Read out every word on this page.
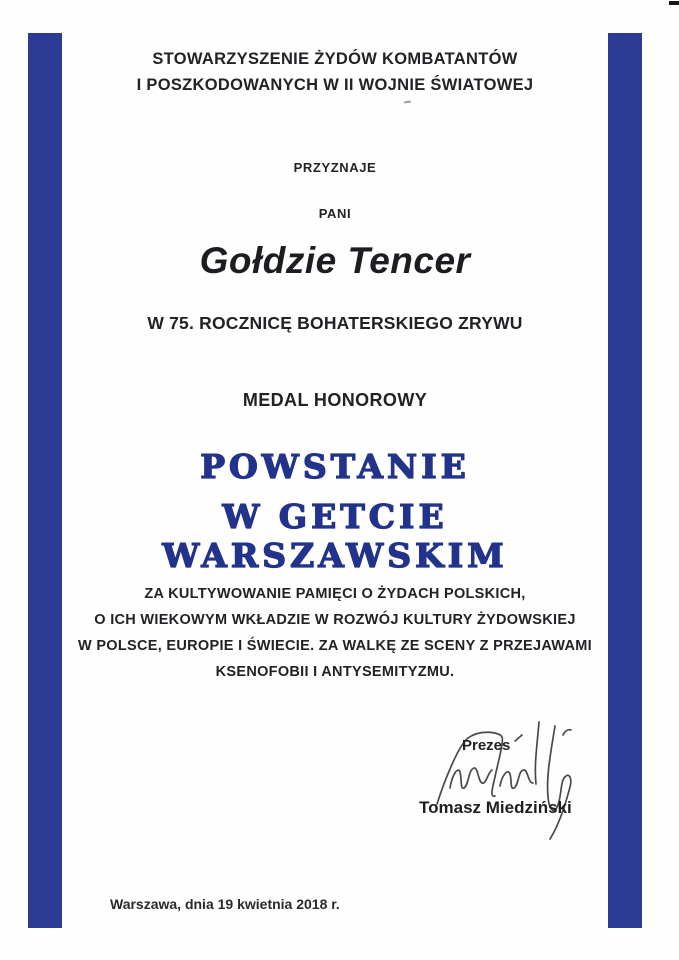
STOWARZYSZENIE ŻYDÓW KOMBATANTÓW
I POSZKODOWANYCH W II WOJNIE ŚWIATOWEJ
PRZYZNAJE
PANI
Gołdzie Tencer
W 75. ROCZNICĘ BOHATERSKIEGO ZRYWU
MEDAL HONOROWY
POWSTANIE
W GETCIE WARSZAWSKIM
ZA KULTYWOWANIE PAMIĘCI O ŻYDACH POLSKICH,
O ICH WIEKOWYM WKŁADZIE W ROZWÓJ KULTURY ŻYDOWSKIEJ
W POLSCE, EUROPIE I ŚWIECIE. ZA WALKĘ ZE SCENY Z PRZEJAWAMI
KSENOFOBII I ANTYSEMITYZMU.
Prezes
Tomasz Miedziński
Warszawa, dnia 19 kwietnia 2018 r.
